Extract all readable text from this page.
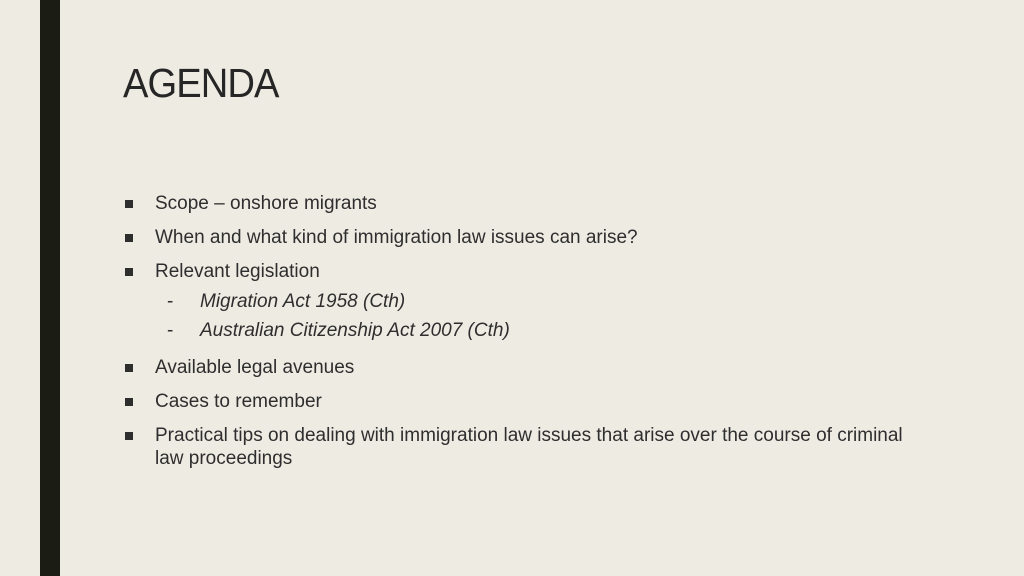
AGENDA
Scope – onshore migrants
When and what kind of immigration law issues can arise?
Relevant legislation
- Migration Act 1958 (Cth)
- Australian Citizenship Act 2007 (Cth)
Available legal avenues
Cases to remember
Practical tips on dealing with immigration law issues that arise over the course of criminal law proceedings
